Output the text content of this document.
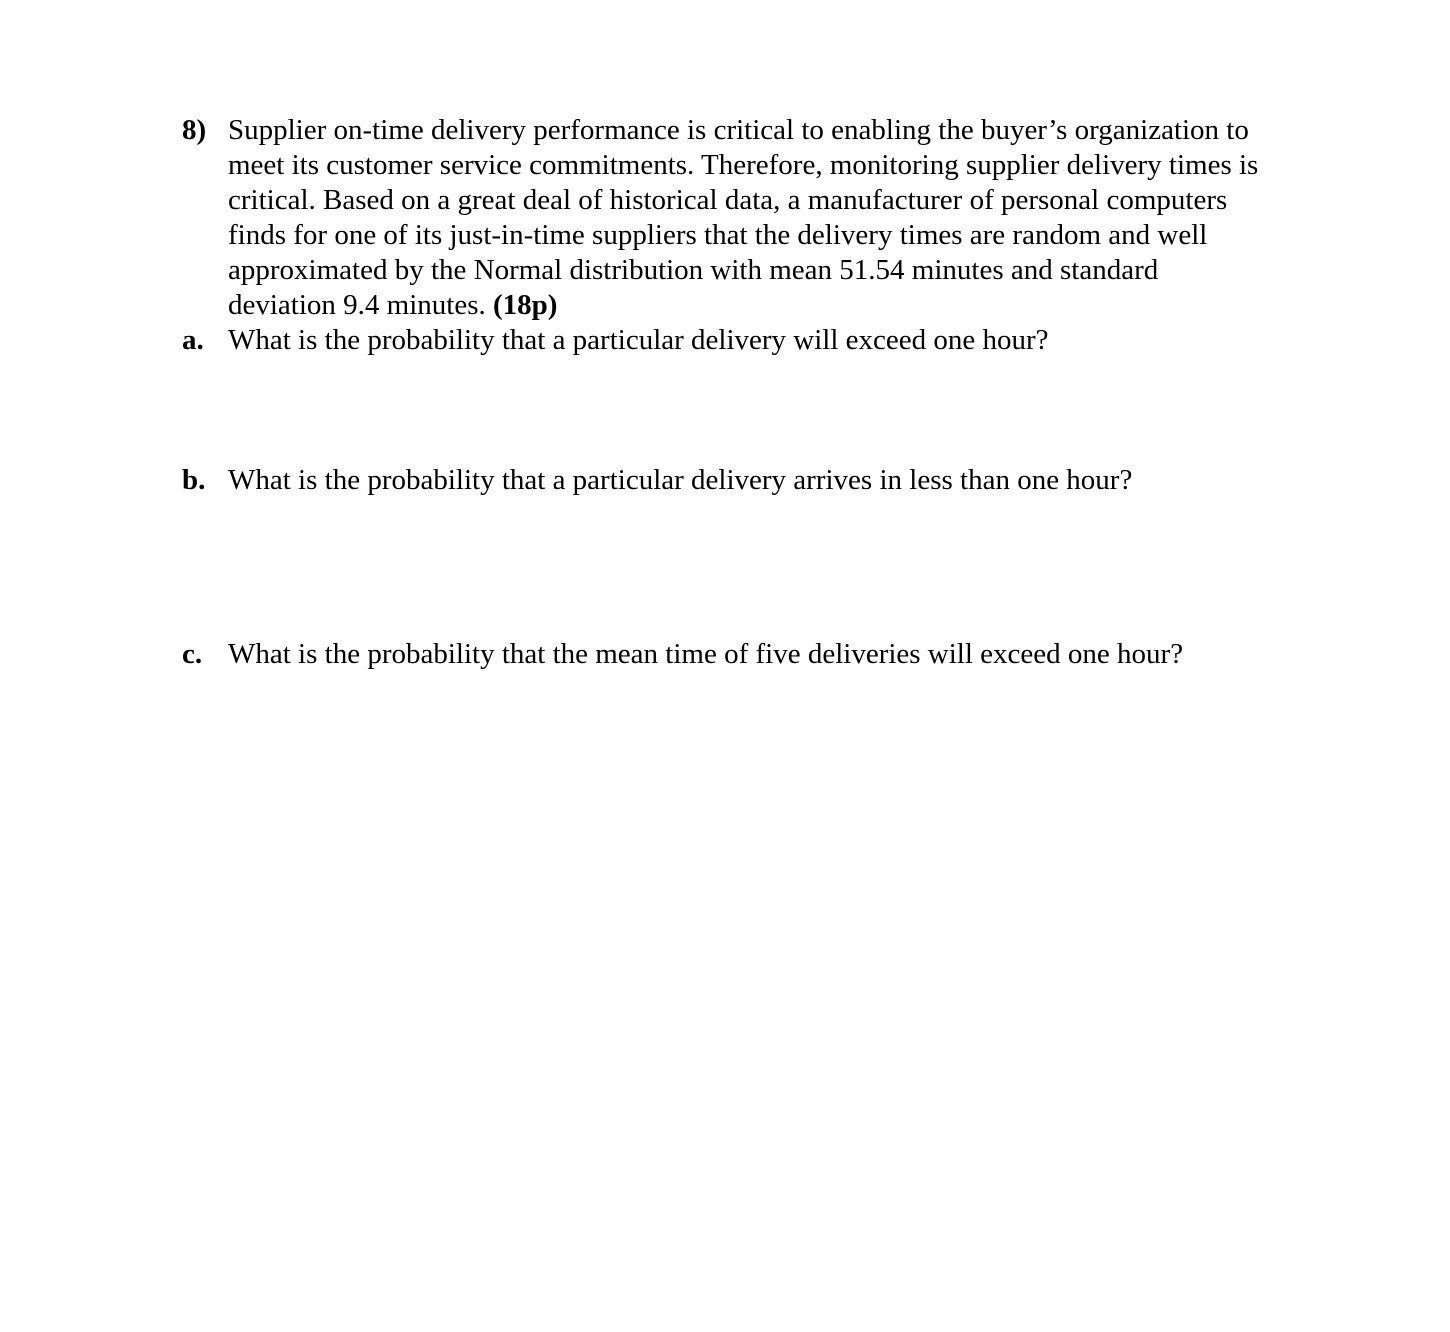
8) Supplier on-time delivery performance is critical to enabling the buyer’s organization to
meet its customer service commitments. Therefore, monitoring supplier delivery times is
critical. Based on a great deal of historical data, a manufacturer of personal computers
finds for one of its just-in-time suppliers that the delivery times are random and well
approximated by the Normal distribution with mean 51.54 minutes and standard
deviation 9.4 minutes. (18p)
a. What is the probability that a particular delivery will exceed one hour?
b. What is the probability that a particular delivery arrives in less than one hour?
c. What is the probability that the mean time of five deliveries will exceed one hour?
